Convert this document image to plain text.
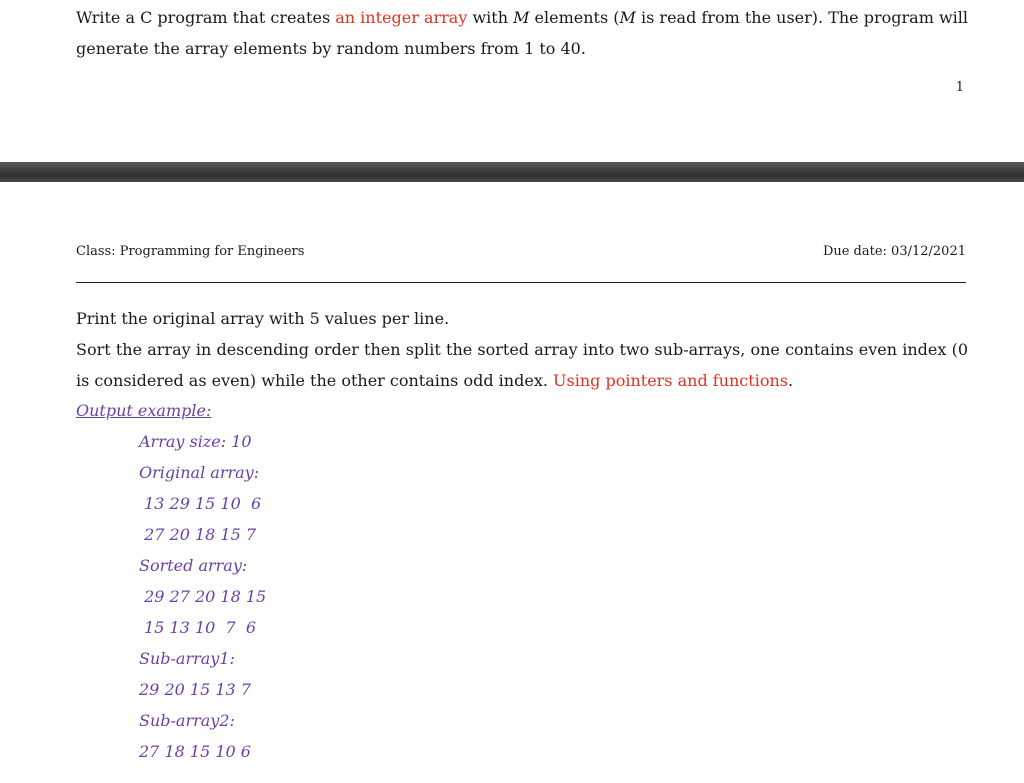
Write a C program that creates an integer array with M elements (M is read from the user). The program will generate the array elements by random numbers from 1 to 40.

1
Class: Programming for Engineers	Due date: 03/12/2021

Print the original array with 5 values per line.

Sort the array in descending order then split the sorted array into two sub-arrays, one contains even index (0 is considered as even) while the other contains odd index. Using pointers and functions.

Output example:
Array size: 10
Original array:
13 29 15 10  6
27 20 18 15 7
Sorted array:
29 27 20 18 15
15 13 10  7  6
Sub-array1:
29 20 15 13 7
Sub-array2:
27 18 15 10 6
